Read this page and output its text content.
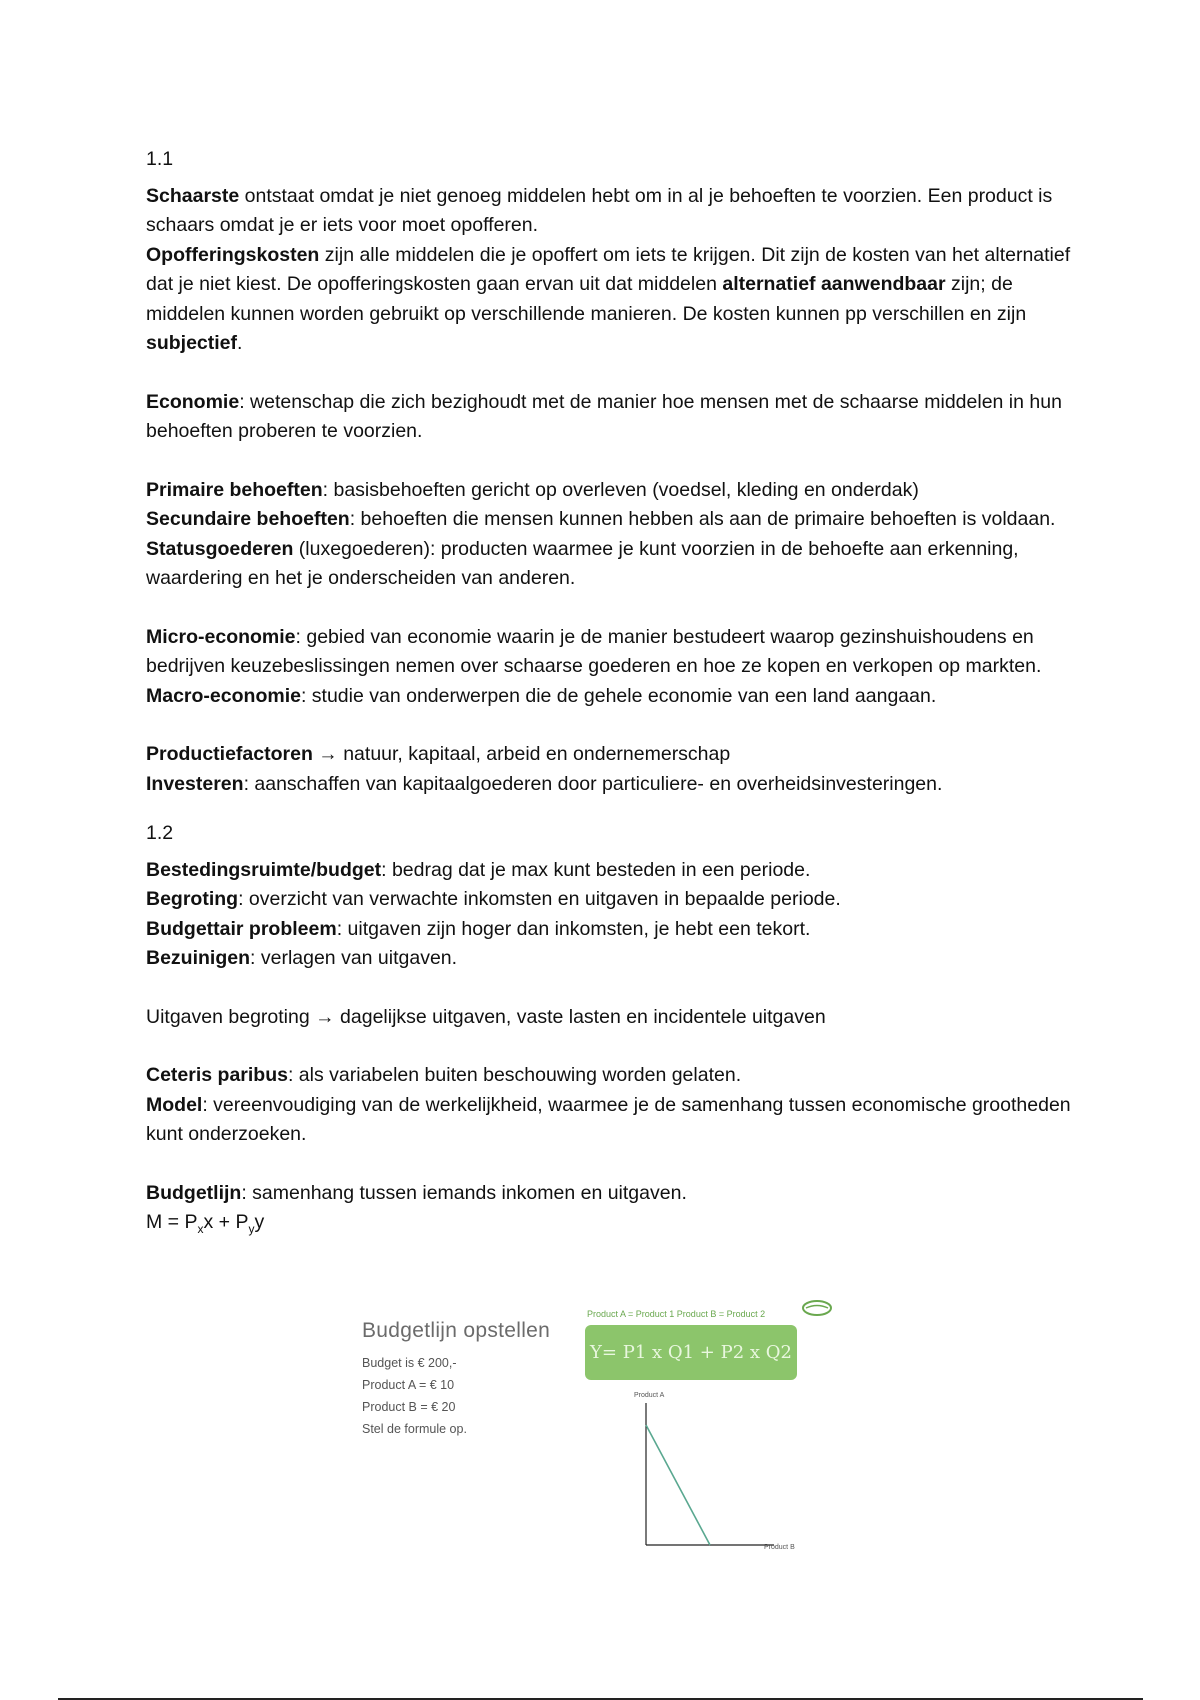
1.1

Schaarste ontstaat omdat je niet genoeg middelen hebt om in al je behoeften te voorzien. Een product is schaars omdat je er iets voor moet opofferen.

Opofferingskosten zijn alle middelen die je opoffert om iets te krijgen. Dit zijn de kosten van het alternatief dat je niet kiest. De opofferingskosten gaan ervan uit dat middelen alternatief aanwendbaar zijn; de middelen kunnen worden gebruikt op verschillende manieren. De kosten kunnen pp verschillen en zijn subjectief.

Economie: wetenschap die zich bezighoudt met de manier hoe mensen met de schaarse middelen in hun behoeften proberen te voorzien.

Primaire behoeften: basisbehoeften gericht op overleven (voedsel, kleding en onderdak)

Secundaire behoeften: behoeften die mensen kunnen hebben als aan de primaire behoeften is voldaan.

Statusgoederen (luxegoederen): producten waarmee je kunt voorzien in de behoefte aan erkenning, waardering en het je onderscheiden van anderen.

Micro-economie: gebied van economie waarin je de manier bestudeert waarop gezinshuishoudens en bedrijven keuzebeslissingen nemen over schaarse goederen en hoe ze kopen en verkopen op markten.

Macro-economie: studie van onderwerpen die de gehele economie van een land aangaan.

Productiefactoren → natuur, kapitaal, arbeid en ondernemerschap

Investeren: aanschaffen van kapitaalgoederen door particuliere- en overheidsinvesteringen.

1.2

Bestedingsruimte/budget: bedrag dat je max kunt besteden in een periode.

Begroting: overzicht van verwachte inkomsten en uitgaven in bepaalde periode.

Budgettair probleem: uitgaven zijn hoger dan inkomsten, je hebt een tekort.

Bezuinigen: verlagen van uitgaven.

Uitgaven begroting → dagelijkse uitgaven, vaste lasten en incidentele uitgaven

Ceteris paribus: als variabelen buiten beschouwing worden gelaten.

Model: vereenvoudiging van de werkelijkheid, waarmee je de samenhang tussen economische grootheden kunt onderzoeken.

Budgetlijn: samenhang tussen iemands inkomen en uitgaven.

$M = P_xx + P_yy$

Budgetlijn opstellen
Budget is € 200,-
Product A = € 10
Product B = € 20
Stel de formule op.
Product A = Product 1 Product B = Product 2
Y= P1 x Q1 + P2 x Q2
Product A
Product B
